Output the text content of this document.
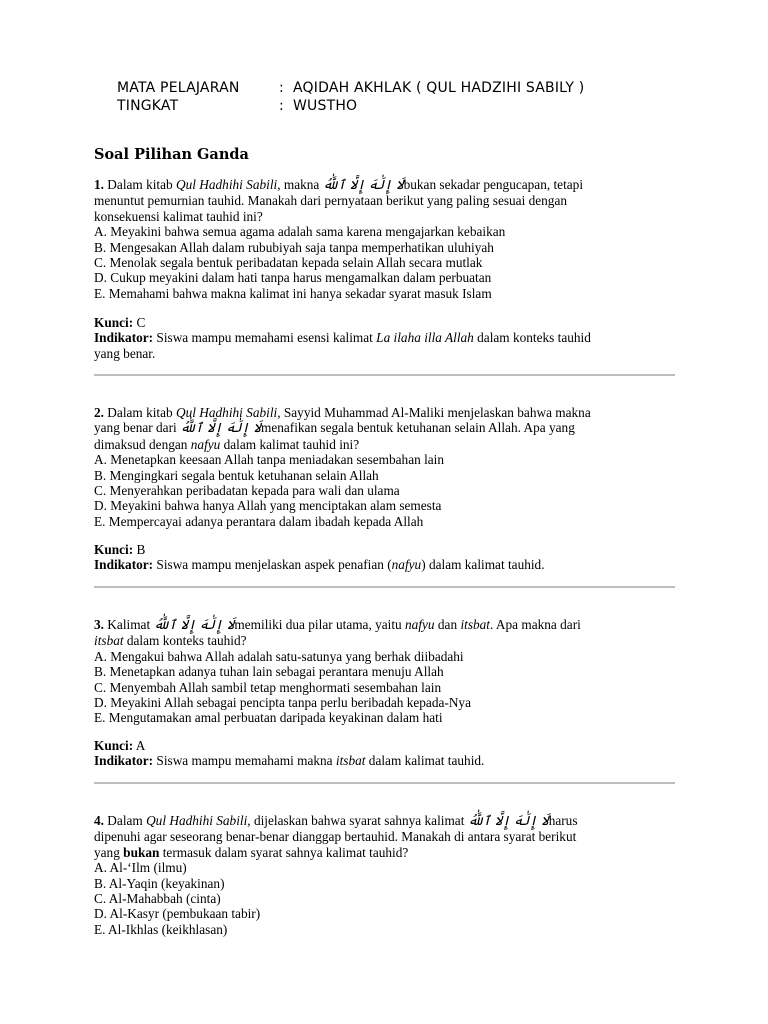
MATA PELAJARAN	: AQIDAH AKHLAK ( QUL HADZIHI SABILY )
TINGKAT	: WUSTHO
Soal Pilihan Ganda
1. Dalam kitab Qul Hadhihi Sabili, makna لَا إِلَٰهَ إِلَّا ٱللَّٰهُbukan sekadar pengucapan, tetapi
menuntut pemurnian tauhid. Manakah dari pernyataan berikut yang paling sesuai dengan
konsekuensi kalimat tauhid ini?
A. Meyakini bahwa semua agama adalah sama karena mengajarkan kebaikan
B. Mengesakan Allah dalam rububiyah saja tanpa memperhatikan uluhiyah
C. Menolak segala bentuk peribadatan kepada selain Allah secara mutlak
D. Cukup meyakini dalam hati tanpa harus mengamalkan dalam perbuatan
E. Memahami bahwa makna kalimat ini hanya sekadar syarat masuk Islam
Kunci: C
Indikator: Siswa mampu memahami esensi kalimat La ilaha illa Allah dalam konteks tauhid
yang benar.
2. Dalam kitab Qul Hadhihi Sabili, Sayyid Muhammad Al-Maliki menjelaskan bahwa makna
yang benar dari لَا إِلَٰهَ إِلَّا ٱللَّٰهُmenafikan segala bentuk ketuhanan selain Allah. Apa yang
dimaksud dengan nafyu dalam kalimat tauhid ini?
A. Menetapkan keesaan Allah tanpa meniadakan sesembahan lain
B. Mengingkari segala bentuk ketuhanan selain Allah
C. Menyerahkan peribadatan kepada para wali dan ulama
D. Meyakini bahwa hanya Allah yang menciptakan alam semesta
E. Mempercayai adanya perantara dalam ibadah kepada Allah
Kunci: B
Indikator: Siswa mampu menjelaskan aspek penafian (nafyu) dalam kalimat tauhid.
3. Kalimat لَا إِلَٰهَ إِلَّا ٱللَّٰهُmemiliki dua pilar utama, yaitu nafyu dan itsbat. Apa makna dari
itsbat dalam konteks tauhid?
A. Mengakui bahwa Allah adalah satu-satunya yang berhak diibadahi
B. Menetapkan adanya tuhan lain sebagai perantara menuju Allah
C. Menyembah Allah sambil tetap menghormati sesembahan lain
D. Meyakini Allah sebagai pencipta tanpa perlu beribadah kepada-Nya
E. Mengutamakan amal perbuatan daripada keyakinan dalam hati
Kunci: A
Indikator: Siswa mampu memahami makna itsbat dalam kalimat tauhid.
4. Dalam Qul Hadhihi Sabili, dijelaskan bahwa syarat sahnya kalimat لَا إِلَٰهَ إِلَّا ٱللَّٰهُharus
dipenuhi agar seseorang benar-benar dianggap bertauhid. Manakah di antara syarat berikut
yang bukan termasuk dalam syarat sahnya kalimat tauhid?
A. Al-‘Ilm (ilmu)
B. Al-Yaqin (keyakinan)
C. Al-Mahabbah (cinta)
D. Al-Kasyr (pembukaan tabir)
E. Al-Ikhlas (keikhlasan)
